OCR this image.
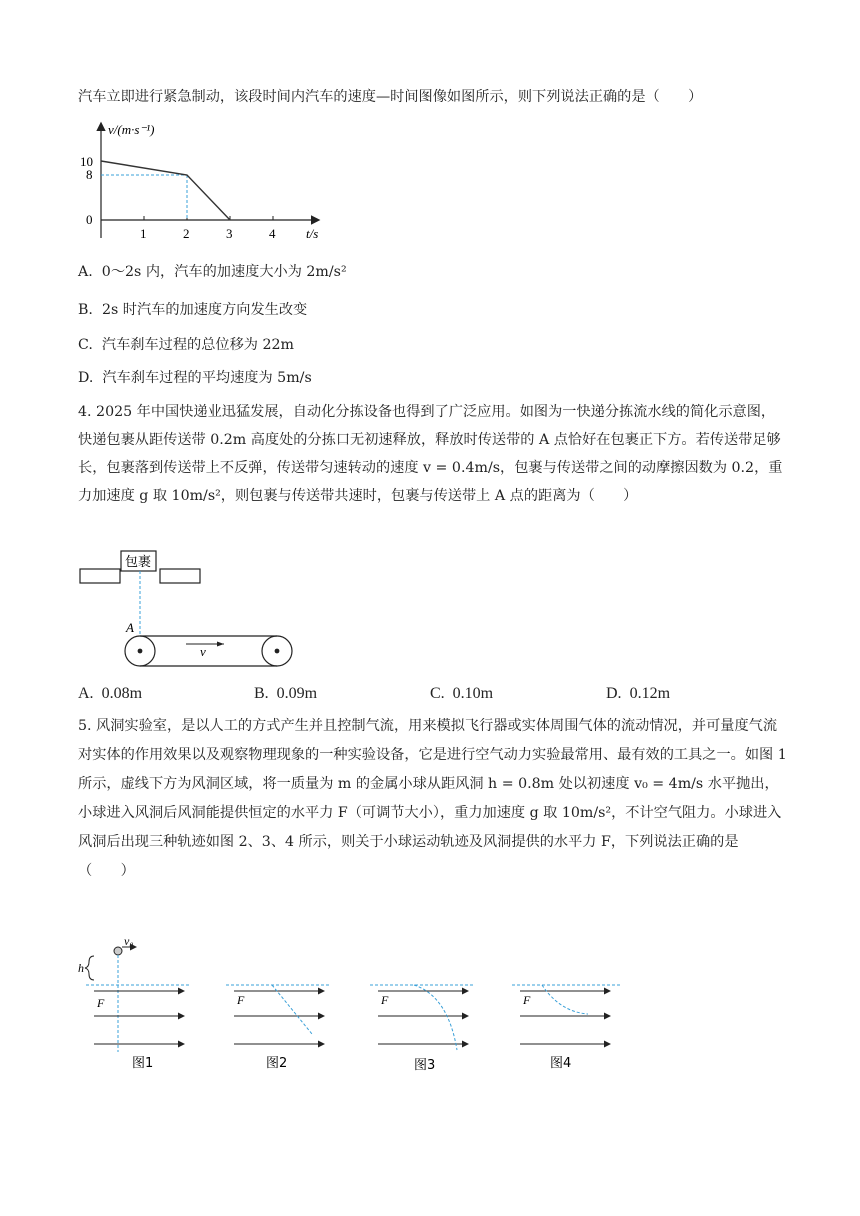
汽车立即进行紧急制动，该段时间内汽车的速度—时间图像如图所示，则下列说法正确的是（　　）
v/(m·s⁻¹)
10
8
0
1	2	3	4 t/s
A. 0～2s 内，汽车的加速度大小为 2m/s²
B. 2s 时汽车的加速度方向发生改变
C. 汽车刹车过程的总位移为 22m
D. 汽车刹车过程的平均速度为 5m/s
4. 2025 年中国快递业迅猛发展，自动化分拣设备也得到了广泛应用。如图为一快递分拣流水线的简化示意图，快递包裹从距传送带 0.2m 高度处的分拣口无初速释放，释放时传送带的 A 点恰好在包裹正下方。若传送带足够长，包裹落到传送带上不反弹，传送带匀速转动的速度 v = 0.4m/s，包裹与传送带之间的动摩擦因数为 0.2，重力加速度 g 取 10m/s²，则包裹与传送带共速时，包裹与传送带上 A 点的距离为（　　）
包裹
A
v
A. 0.08m	B. 0.09m	C. 0.10m	D. 0.12m
5. 风洞实验室，是以人工的方式产生并且控制气流，用来模拟飞行器或实体周围气体的流动情况，并可量度气流对实体的作用效果以及观察物理现象的一种实验设备，它是进行空气动力实验最常用、最有效的工具之一。如图 1 所示，虚线下方为风洞区域，将一质量为 m 的金属小球从距风洞 h = 0.8m 处以初速度 v₀ = 4m/s 水平抛出，小球进入风洞后风洞能提供恒定的水平力 F（可调节大小），重力加速度 g 取 10m/s²，不计空气阻力。小球进入风洞后出现三种轨迹如图 2、3、4 所示，则关于小球运动轨迹及风洞提供的水平力 F，下列说法正确的是（　　）
v₀
h
F
图1
F
图2
F
图3
F
图4
